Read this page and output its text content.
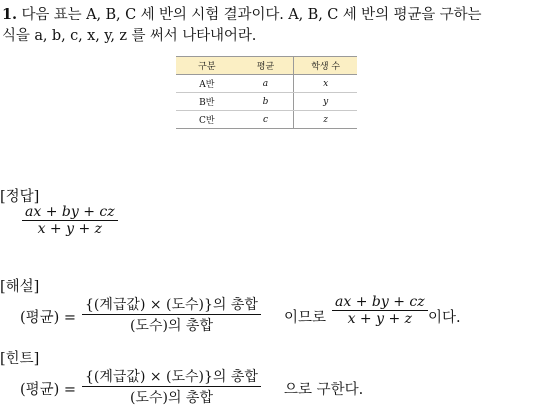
1. 다음 표는 A, B, C 세 반의 시험 결과이다. A, B, C 세 반의 평균을 구하는
식을 a, b, c, x, y, z 를 써서 나타내어라.
구분	평균	학생 수
A반	a	x
B반	b	y
C반	c	z
[정답]
ax + by + cz
x + y + z
[해설]
(평균) =
{(계급값) × (도수)}의 총합
(도수)의 총합	이므로
ax + by + cz
x + y + z	이다.
[힌트]
(평균) =
{(계급값) × (도수)}의 총합
(도수)의 총합	으로 구한다.
